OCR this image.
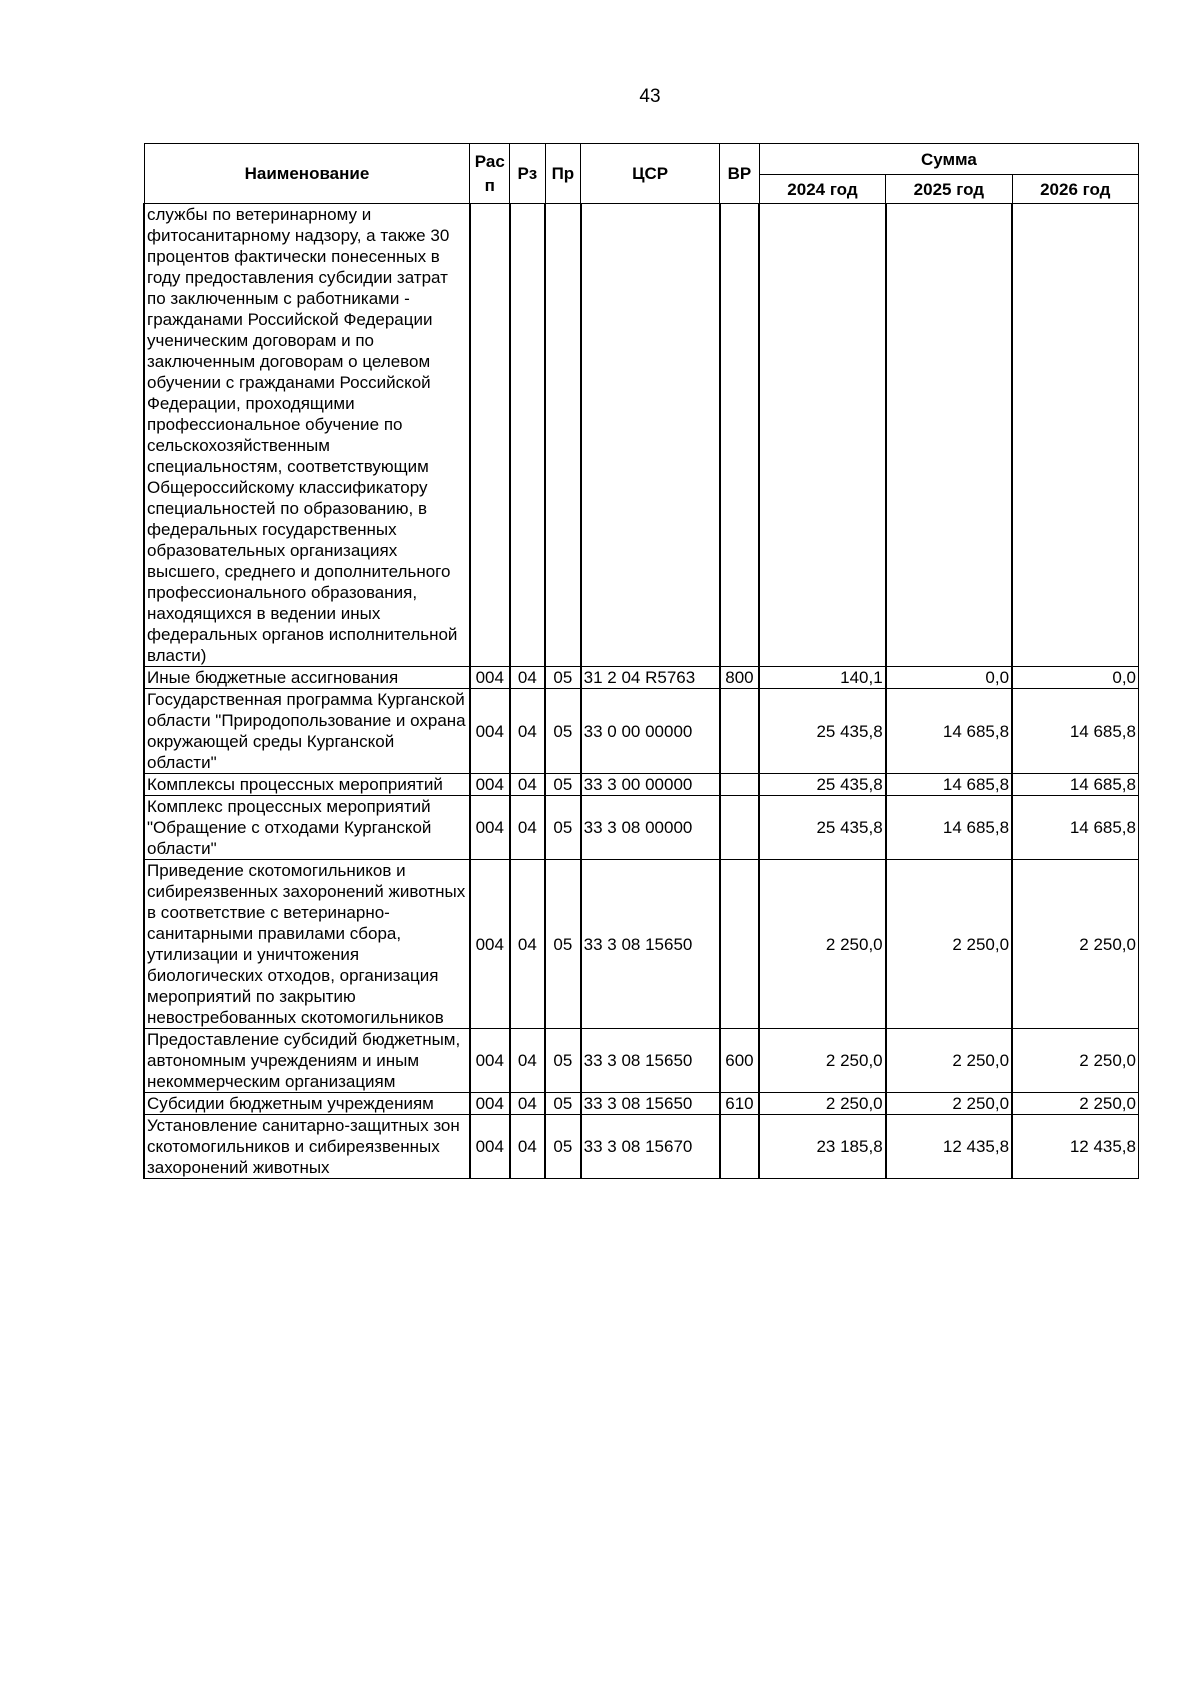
43
Наименование	Рас п	Рз	Пр	ЦСР	ВР	Сумма		
						2024 год	2025 год	2026 год
службы по ветеринарному и фитосанитарному надзору, а также 30 процентов фактически понесенных в году предоставления субсидии затрат по заключенным с работниками - гражданами Российской Федерации ученическим договорам и по заключенным договорам о целевом обучении с гражданами Российской Федерации, проходящими профессиональное обучение по сельскохозяйственным специальностям, соответствующим Общероссийскому классификатору специальностей по образованию, в федеральных государственных образовательных организациях высшего, среднего и дополнительного профессионального образования, находящихся в ведении иных федеральных органов исполнительной власти)								
Иные бюджетные ассигнования	004	04	05	31 2 04 R5763	800	140,1	0,0	0,0
Государственная программа Курганской области "Природопользование и охрана окружающей среды Курганской области"	004	04	05	33 0 00 00000		25 435,8	14 685,8	14 685,8
Комплексы процессных мероприятий	004	04	05	33 3 00 00000		25 435,8	14 685,8	14 685,8
Комплекс процессных мероприятий "Обращение с отходами Курганской области"	004	04	05	33 3 08 00000		25 435,8	14 685,8	14 685,8
Приведение скотомогильников и сибиреязвенных захоронений животных в соответствие с ветеринарно-санитарными правилами сбора, утилизации и уничтожения биологических отходов, организация мероприятий по закрытию невостребованных скотомогильников	004	04	05	33 3 08 15650		2 250,0	2 250,0	2 250,0
Предоставление субсидий бюджетным, автономным учреждениям и иным некоммерческим организациям	004	04	05	33 3 08 15650	600	2 250,0	2 250,0	2 250,0
Субсидии бюджетным учреждениям	004	04	05	33 3 08 15650	610	2 250,0	2 250,0	2 250,0
Установление санитарно-защитных зон скотомогильников и сибиреязвенных захоронений животных	004	04	05	33 3 08 15670		23 185,8	12 435,8	12 435,8
